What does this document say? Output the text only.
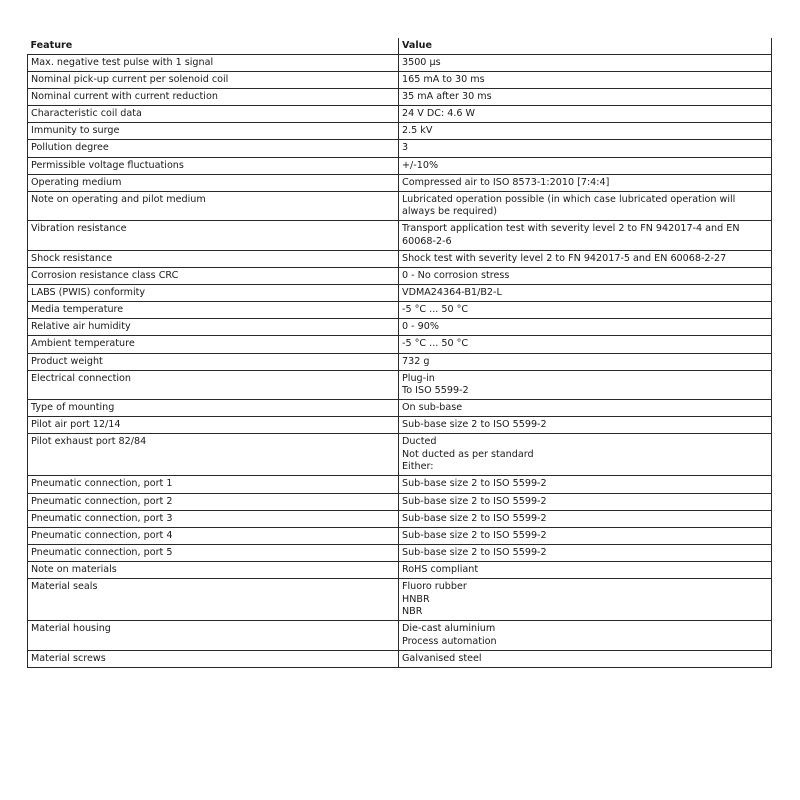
Feature	Value
Max. negative test pulse with 1 signal	3500 µs
Nominal pick-up current per solenoid coil	165 mA to 30 ms
Nominal current with current reduction	35 mA after 30 ms
Characteristic coil data	24 V DC: 4.6 W
Immunity to surge	2.5 kV
Pollution degree	3
Permissible voltage fluctuations	+/-10%
Operating medium	Compressed air to ISO 8573-1:2010 [7:4:4]
Note on operating and pilot medium	Lubricated operation possible (in which case lubricated operation will always be required)
Vibration resistance	Transport application test with severity level 2 to FN 942017-4 and EN 60068-2-6
Shock resistance	Shock test with severity level 2 to FN 942017-5 and EN 60068-2-27
Corrosion resistance class CRC	0 - No corrosion stress
LABS (PWIS) conformity	VDMA24364-B1/B2-L
Media temperature	-5 °C ... 50 °C
Relative air humidity	0 - 90%
Ambient temperature	-5 °C ... 50 °C
Product weight	732 g
Electrical connection	Plug-in
To ISO 5599-2
Type of mounting	On sub-base
Pilot air port 12/14	Sub-base size 2 to ISO 5599-2
Pilot exhaust port 82/84	Ducted
Not ducted as per standard
Either:
Pneumatic connection, port 1	Sub-base size 2 to ISO 5599-2
Pneumatic connection, port 2	Sub-base size 2 to ISO 5599-2
Pneumatic connection, port 3	Sub-base size 2 to ISO 5599-2
Pneumatic connection, port 4	Sub-base size 2 to ISO 5599-2
Pneumatic connection, port 5	Sub-base size 2 to ISO 5599-2
Note on materials	RoHS compliant
Material seals	Fluoro rubber
HNBR
NBR
Material housing	Die-cast aluminium
Process automation
Material screws	Galvanised steel
